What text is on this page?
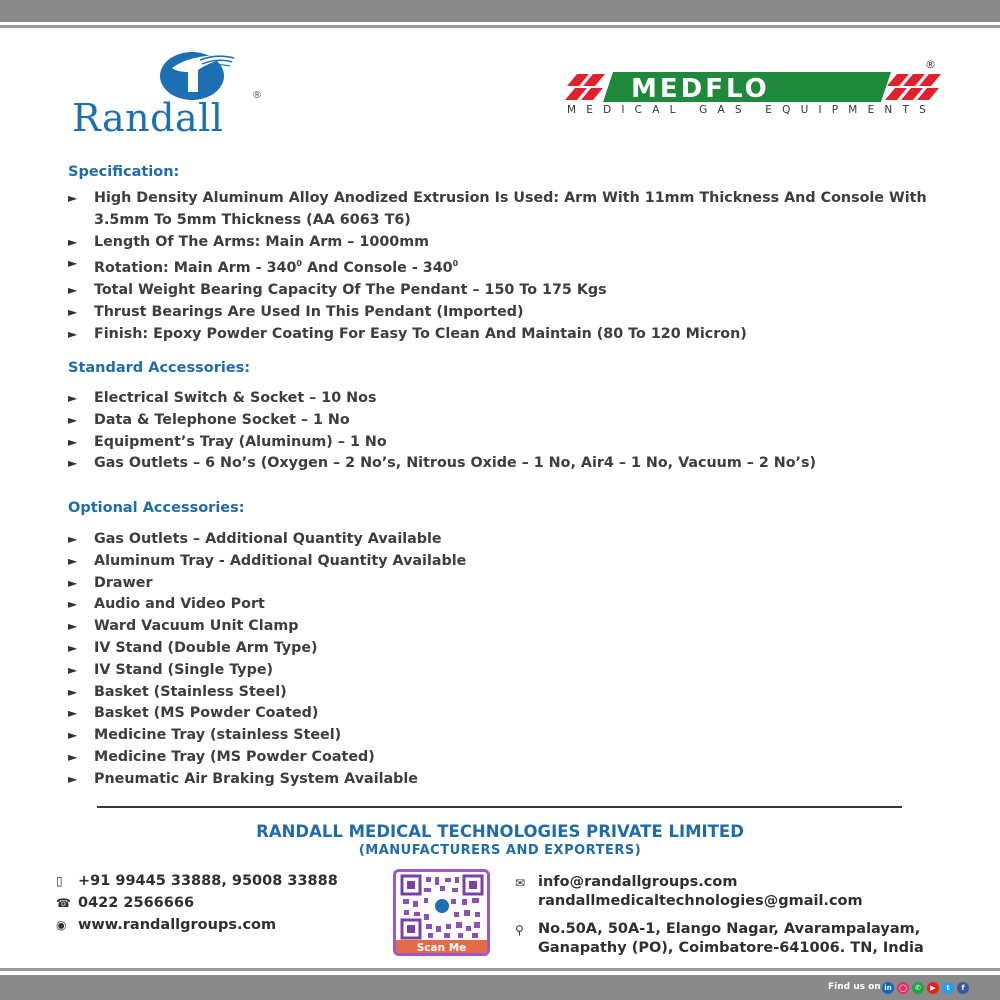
Randall
®
®
MEDFLO
MEDICAL GAS EQUIPMENTS
Specification:
► High Density Aluminum Alloy Anodized Extrusion Is Used: Arm With 11mm Thickness And Console With 3.5mm To 5mm Thickness (AA 6063 T6)
► Length Of The Arms: Main Arm – 1000mm
► Rotation: Main Arm - $340^0$ And Console - $340^0$
► Total Weight Bearing Capacity Of The Pendant – 150 To 175 Kgs
► Thrust Bearings Are Used In This Pendant (Imported)
► Finish: Epoxy Powder Coating For Easy To Clean And Maintain (80 To 120 Micron)
Standard Accessories:
► Electrical Switch & Socket – 10 Nos
► Data & Telephone Socket – 1 No
► Equipment’s Tray (Aluminum) – 1 No
► Gas Outlets – 6 No’s (Oxygen – 2 No’s, Nitrous Oxide – 1 No, Air4 – 1 No, Vacuum – 2 No’s)
Optional Accessories:
► Gas Outlets – Additional Quantity Available
► Aluminum Tray - Additional Quantity Available
► Drawer
► Audio and Video Port
► Ward Vacuum Unit Clamp
► IV Stand (Double Arm Type)
► IV Stand (Single Type)
► Basket (Stainless Steel)
► Basket (MS Powder Coated)
► Medicine Tray (stainless Steel)
► Medicine Tray (MS Powder Coated)
► Pneumatic Air Braking System Available
RANDALL MEDICAL TECHNOLOGIES PRIVATE LIMITED
(MANUFACTURERS AND EXPORTERS)
▯ +91 99445 33888, 95008 33888
☎ 0422 2566666
◉ www.randallgroups.com
Scan Me
✉ info@randallgroups.com
randallmedicaltechnologies@gmail.com
⚲ No.50A, 50A-1, Elango Nagar, Avarampalayam,
Ganapathy (PO), Coimbatore-641006. TN, India
Find us on in	◯	✆	▶	t	f
